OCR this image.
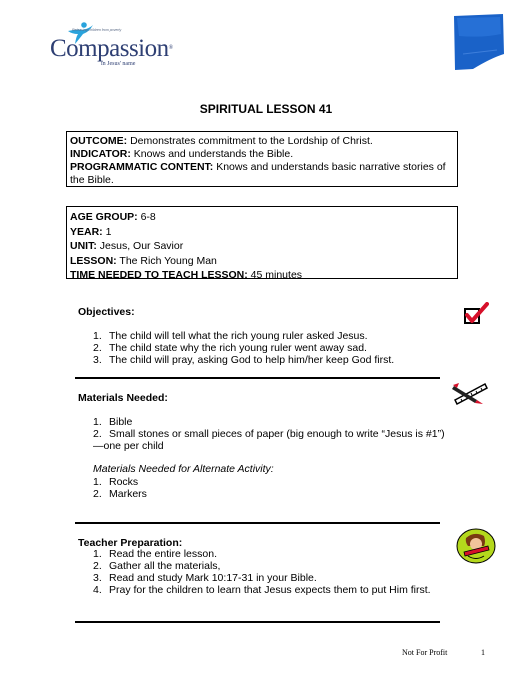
Releasing children from poverty
Compassion®
in Jesus' name
SPIRITUAL LESSON 41
OUTCOME: Demonstrates commitment to the Lordship of Christ.
INDICATOR: Knows and understands the Bible.
PROGRAMMATIC CONTENT: Knows and understands basic narrative stories of the Bible.
AGE GROUP: 6-8
YEAR: 1
UNIT: Jesus, Our Savior
LESSON: The Rich Young Man
TIME NEEDED TO TEACH LESSON: 45 minutes
Objectives:
1. The child will tell what the rich young ruler asked Jesus.
2. The child state why the rich young ruler went away sad.
3. The child will pray, asking God to help him/her keep God first.
Materials Needed:
1. Bible
2. Small stones or small pieces of paper (big enough to write “Jesus is #1”)—one per child
Materials Needed for Alternate Activity:
1. Rocks
2. Markers
Teacher Preparation:
1. Read the entire lesson.
2. Gather all the materials,
3. Read and study Mark 10:17-31 in your Bible.
4. Pray for the children to learn that Jesus expects them to put Him first.
Not For Profit	1
